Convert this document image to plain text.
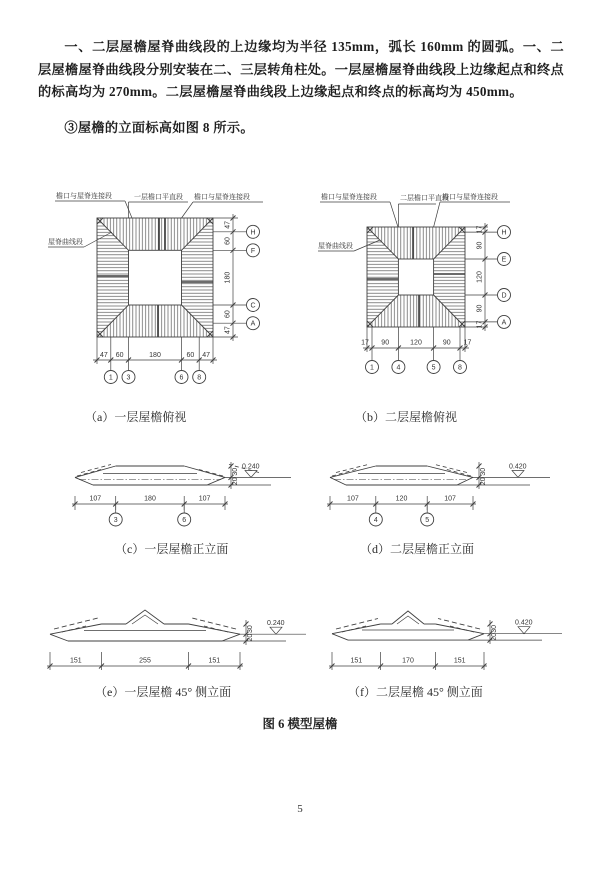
一、二层屋檐屋脊曲线段的上边缘均为半径 135mm，弧长 160mm 的圆弧。一、二层屋檐屋脊曲线段分别安装在二、三层转角柱处。一层屋檐屋脊曲线段上边缘起点和终点的标高均为 270mm。二层屋檐屋脊曲线段上边缘起点和终点的标高均为 450mm。

③屋檐的立面标高如图 8 所示。

47 60	180	60 47
1 3	6 8
47
60
180
60
47
H
F
C
A
檐口与屋脊连接段	一层檐口平直段 檐口与屋脊连接段
屋脊曲线段
（a）一层屋檐俯视
17 90	120	90 17
1	4	5	8
17
90
120
90
17
H
E
D
A
檐口与屋脊连接段	二层檐口平直段
檐口与屋脊连接段
屋脊曲线段
（b）二层屋檐俯视
0.240
30
20
107	180	107
3	6
（c）一层屋檐正立面
0.420
30
20
107	120	107
4	5
（d）二层屋檐正立面
0.240
30
20
151	255	151
（e）一层屋檐 45° 侧立面
0.420
30
20
151	170	151
（f）二层屋檐 45° 侧立面
图 6 模型屋檐
5
